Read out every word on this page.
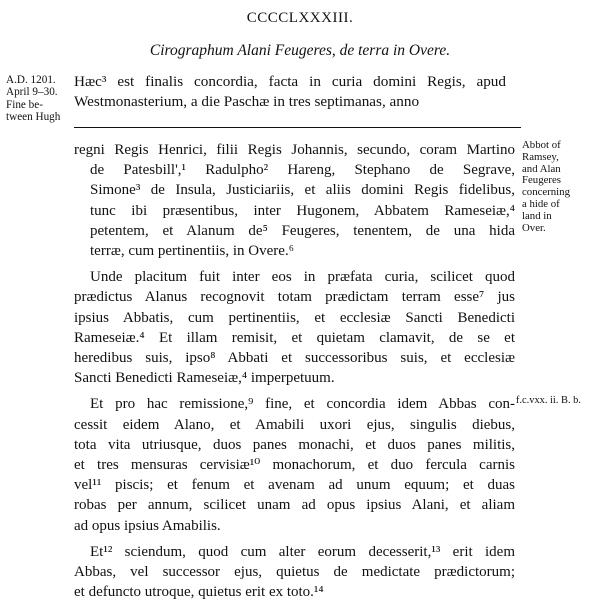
CCCCLXXXIII.
Cirographum Alani Feugeres, de terra in Overe.
A.D. 1201.
April 9–30.
Fine be-
tween Hugh
Hæc³ est finalis concordia, facta in curia domini Regis, apud
Westmonasterium, a die Paschæ in tres septimanas, anno
Abbot of
Ramsey,
and Alan
Feugeres
concerning
a hide of
land in
Over.
f.c.vxx. ii. B. b.

regni Regis Henrici, filii Regis Johannis, secundo, coram Martino
de Patesbill',¹ Radulpho² Hareng, Stephano de Segrave,
Simone³ de Insula, Justiciariis, et aliis domini Regis fidelibus,
tunc ibi præsentibus, inter Hugonem, Abbatem Rameseiæ,⁴
petentem, et Alanum de⁵ Feugeres, tenentem, de una hida
terræ, cum pertinentiis, in Overe.⁶

Unde placitum fuit inter eos in præfata curia, scilicet quod
prædictus Alanus recognovit totam prædictam terram esse⁷ jus
ipsius Abbatis, cum pertinentiis, et ecclesiæ Sancti Benedicti
Rameseiæ.⁴ Et illam remisit, et quietam clamavit, de se et
heredibus suis, ipso⁸ Abbati et successoribus suis, et ecclesiæ
Sancti Benedicti Rameseiæ,⁴ imperpetuum.

Et pro hac remissione,⁹ fine, et concordia idem Abbas con-
cessit eidem Alano, et Amabili uxori ejus, singulis diebus,
tota vita utriusque, duos panes monachi, et duos panes militis,
et tres mensuras cervisiæ¹⁰ monachorum, et duo fercula carnis
vel¹¹ piscis; et fenum et avenam ad unum equum; et duas
robas per annum, scilicet unam ad opus ipsius Alani, et aliam
ad opus ipsius Amabilis.

Et¹² sciendum, quod cum alter eorum decesserit,¹³ erit idem
Abbas, vel successor ejus, quietus de medictate prædictorum;
et defuncto utroque, quietus erit ex toto.¹⁴
